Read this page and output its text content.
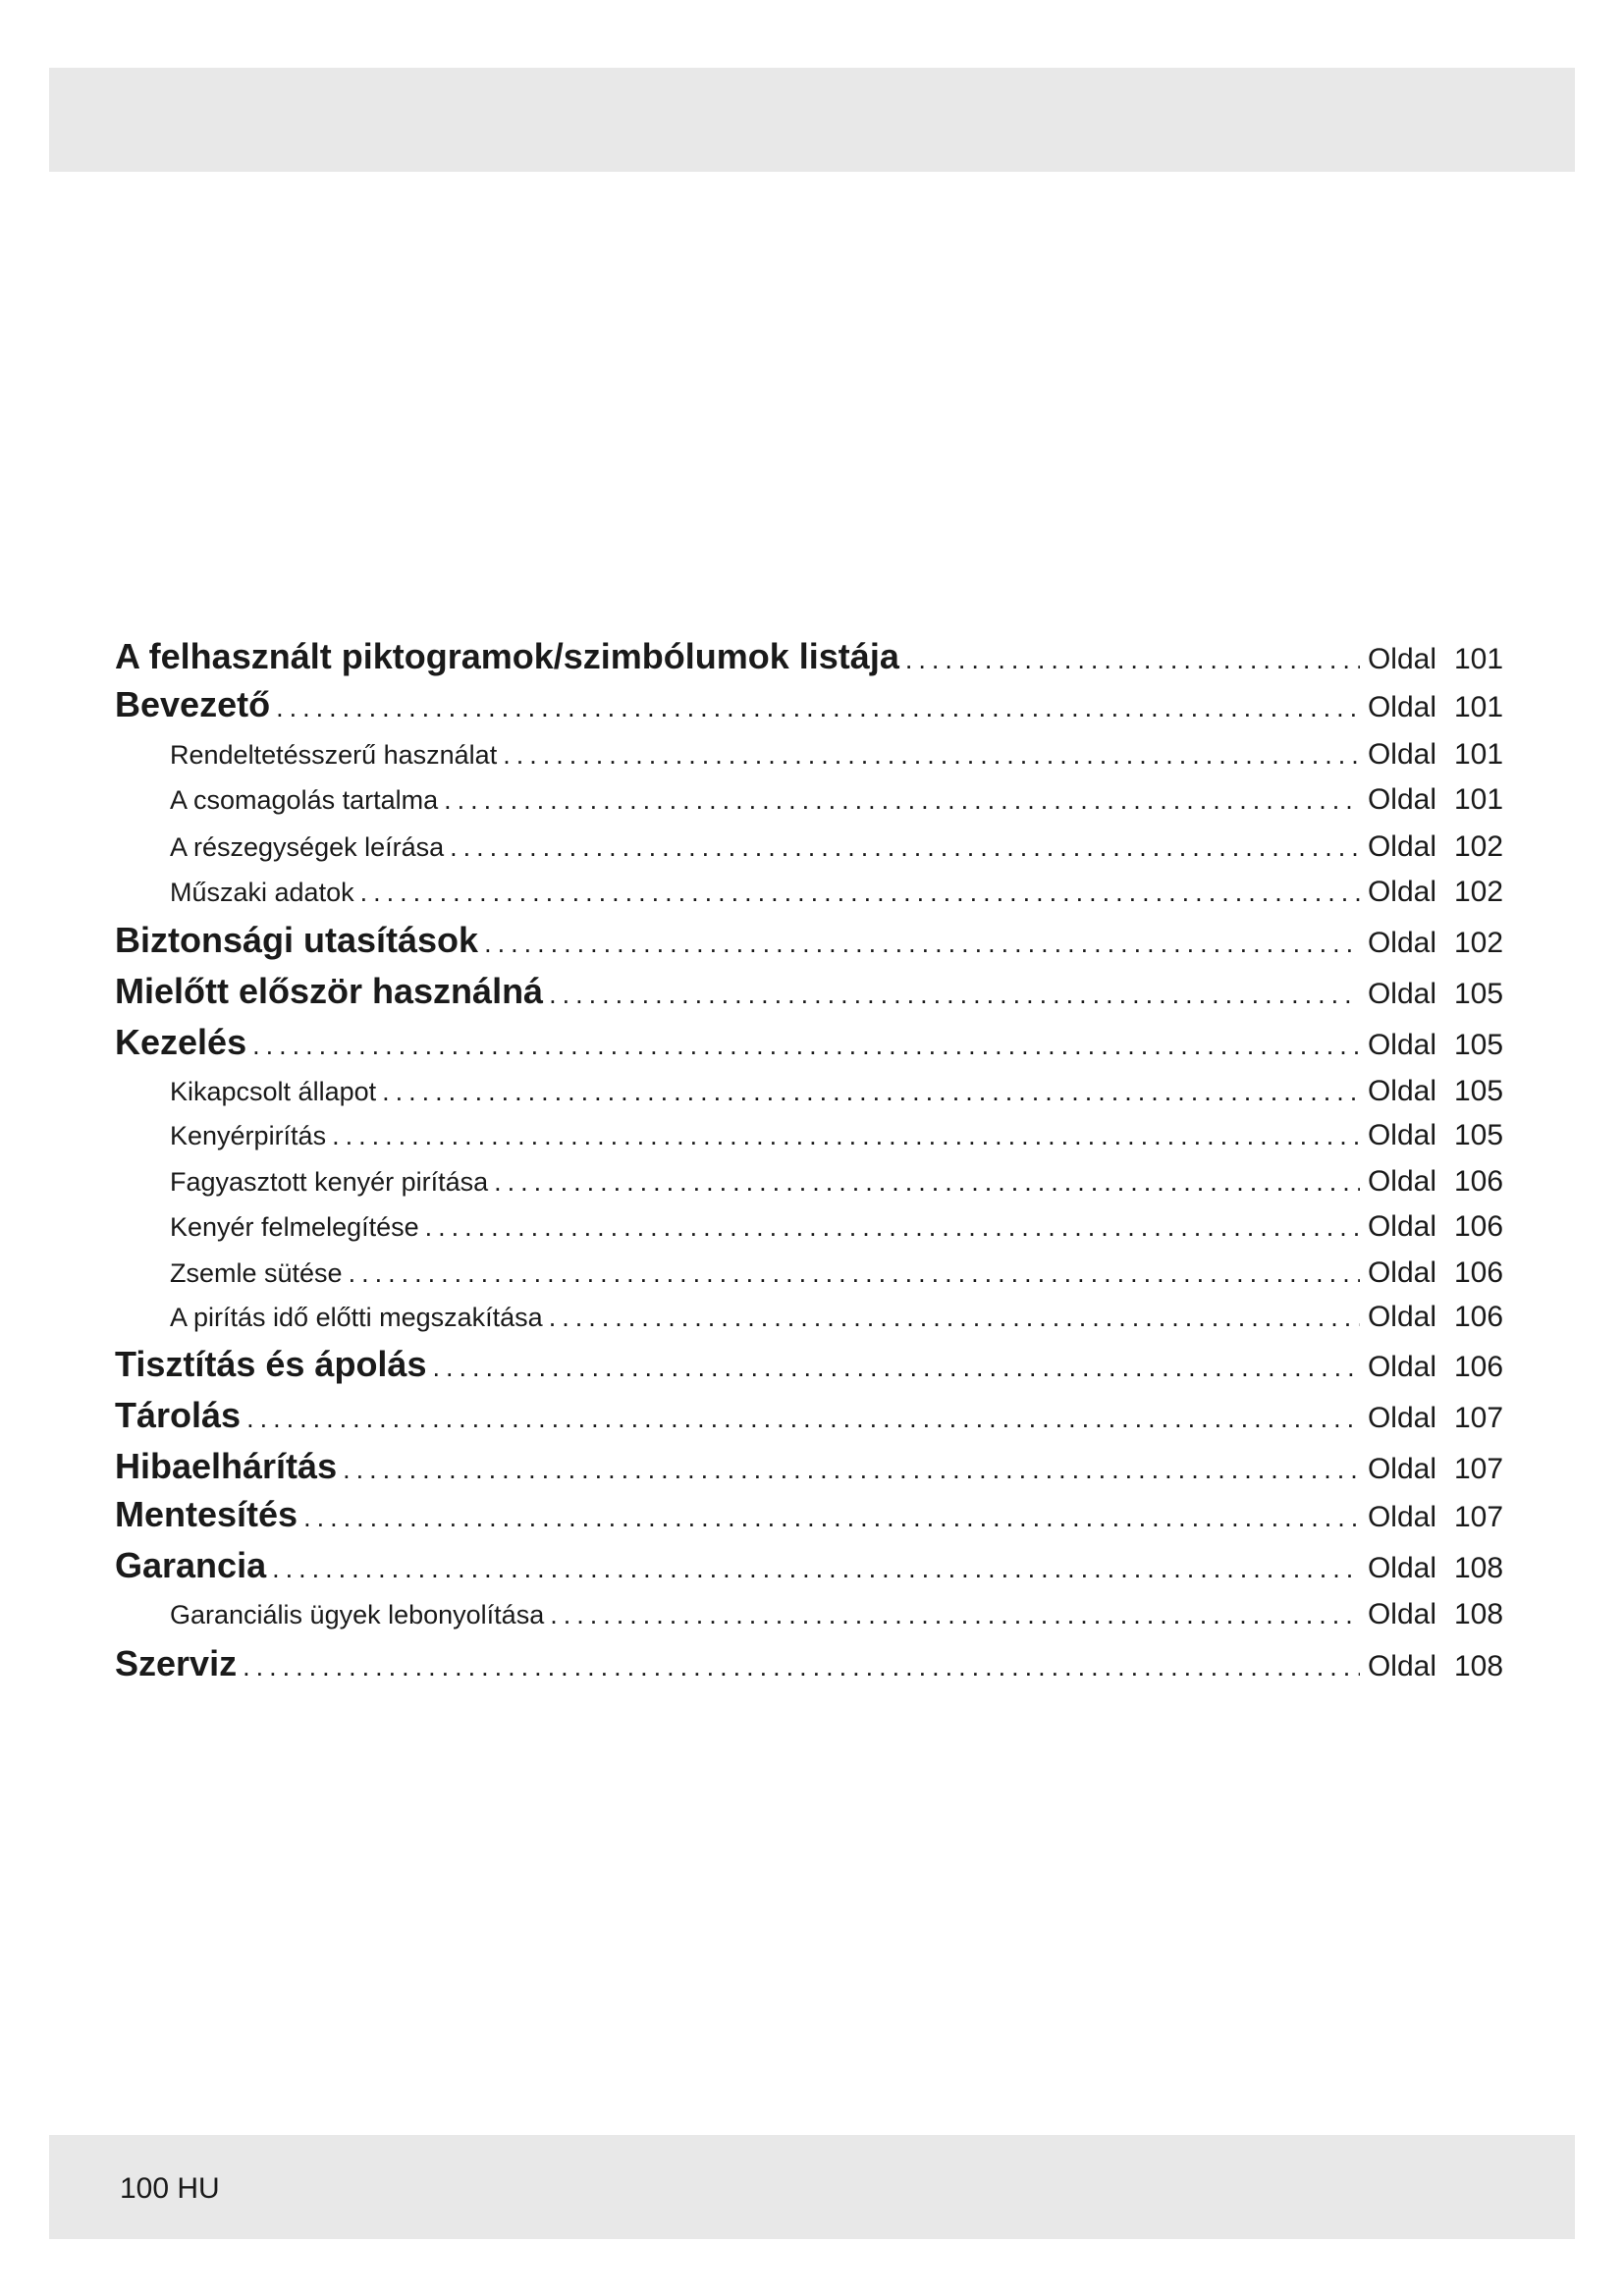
A felhasznált piktogramok/szimbólumok listája .....	Oldal 101
Bevezető .....	Oldal 101
Rendeltetésszerű használat .....	Oldal 101
A csomagolás tartalma .....	Oldal 101
A részegységek leírása .....	Oldal 102
Műszaki adatok .....	Oldal 102
Biztonsági utasítások .....	Oldal 102
Mielőtt először használná .....	Oldal 105
Kezelés .....	Oldal 105
Kikapcsolt állapot .....	Oldal 105
Kenyérpirítás .....	Oldal 105
Fagyasztott kenyér pirítása .....	Oldal 106
Kenyér felmelegítése .....	Oldal 106
Zsemle sütése .....	Oldal 106
A pirítás idő előtti megszakítása .....	Oldal 106
Tisztítás és ápolás .....	Oldal 106
Tárolás .....	Oldal 107
Hibaelhárítás .....	Oldal 107
Mentesítés .....	Oldal 107
Garancia .....	Oldal 108
Garanciális ügyek lebonyolítása .....	Oldal 108
Szerviz .....	Oldal 108
100 HU
